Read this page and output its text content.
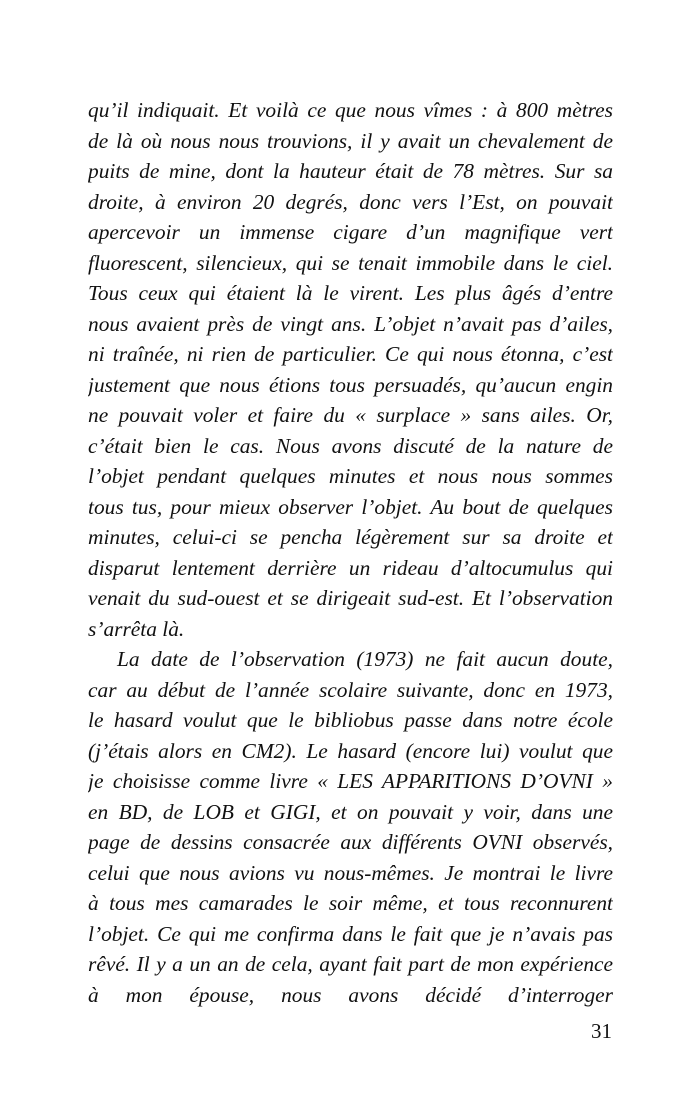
qu’il indiquait. Et voilà ce que nous vîmes : à 800 mètres
de là où nous nous trouvions, il y avait un chevalement de
puits de mine, dont la hauteur était de 78 mètres. Sur sa
droite, à environ 20 degrés, donc vers l’Est, on pouvait
apercevoir un immense cigare d’un magnifique vert
fluorescent, silencieux, qui se tenait immobile dans le ciel.
Tous ceux qui étaient là le virent. Les plus âgés d’entre
nous avaient près de vingt ans. L’objet n’avait pas d’ailes,
ni traînée, ni rien de particulier. Ce qui nous étonna, c’est
justement que nous étions tous persuadés, qu’aucun engin
ne pouvait voler et faire du « surplace » sans ailes. Or,
c’était bien le cas. Nous avons discuté de la nature de
l’objet pendant quelques minutes et nous nous sommes
tous tus, pour mieux observer l’objet. Au bout de quelques
minutes, celui-ci se pencha légèrement sur sa droite et
disparut lentement derrière un rideau d’altocumulus qui
venait du sud-ouest et se dirigeait sud-est. Et l’observation
s’arrêta là.
La date de l’observation (1973) ne fait aucun doute,
car au début de l’année scolaire suivante, donc en 1973,
le hasard voulut que le bibliobus passe dans notre école
(j’étais alors en CM2). Le hasard (encore lui) voulut que
je choisisse comme livre « LES APPARITIONS D’OVNI »
en BD, de LOB et GIGI, et on pouvait y voir, dans une
page de dessins consacrée aux différents OVNI observés,
celui que nous avions vu nous-mêmes. Je montrai le livre
à tous mes camarades le soir même, et tous reconnurent
l’objet. Ce qui me confirma dans le fait que je n’avais pas
rêvé. Il y a un an de cela, ayant fait part de mon expérience
à mon épouse, nous avons décidé d’interroger
31
